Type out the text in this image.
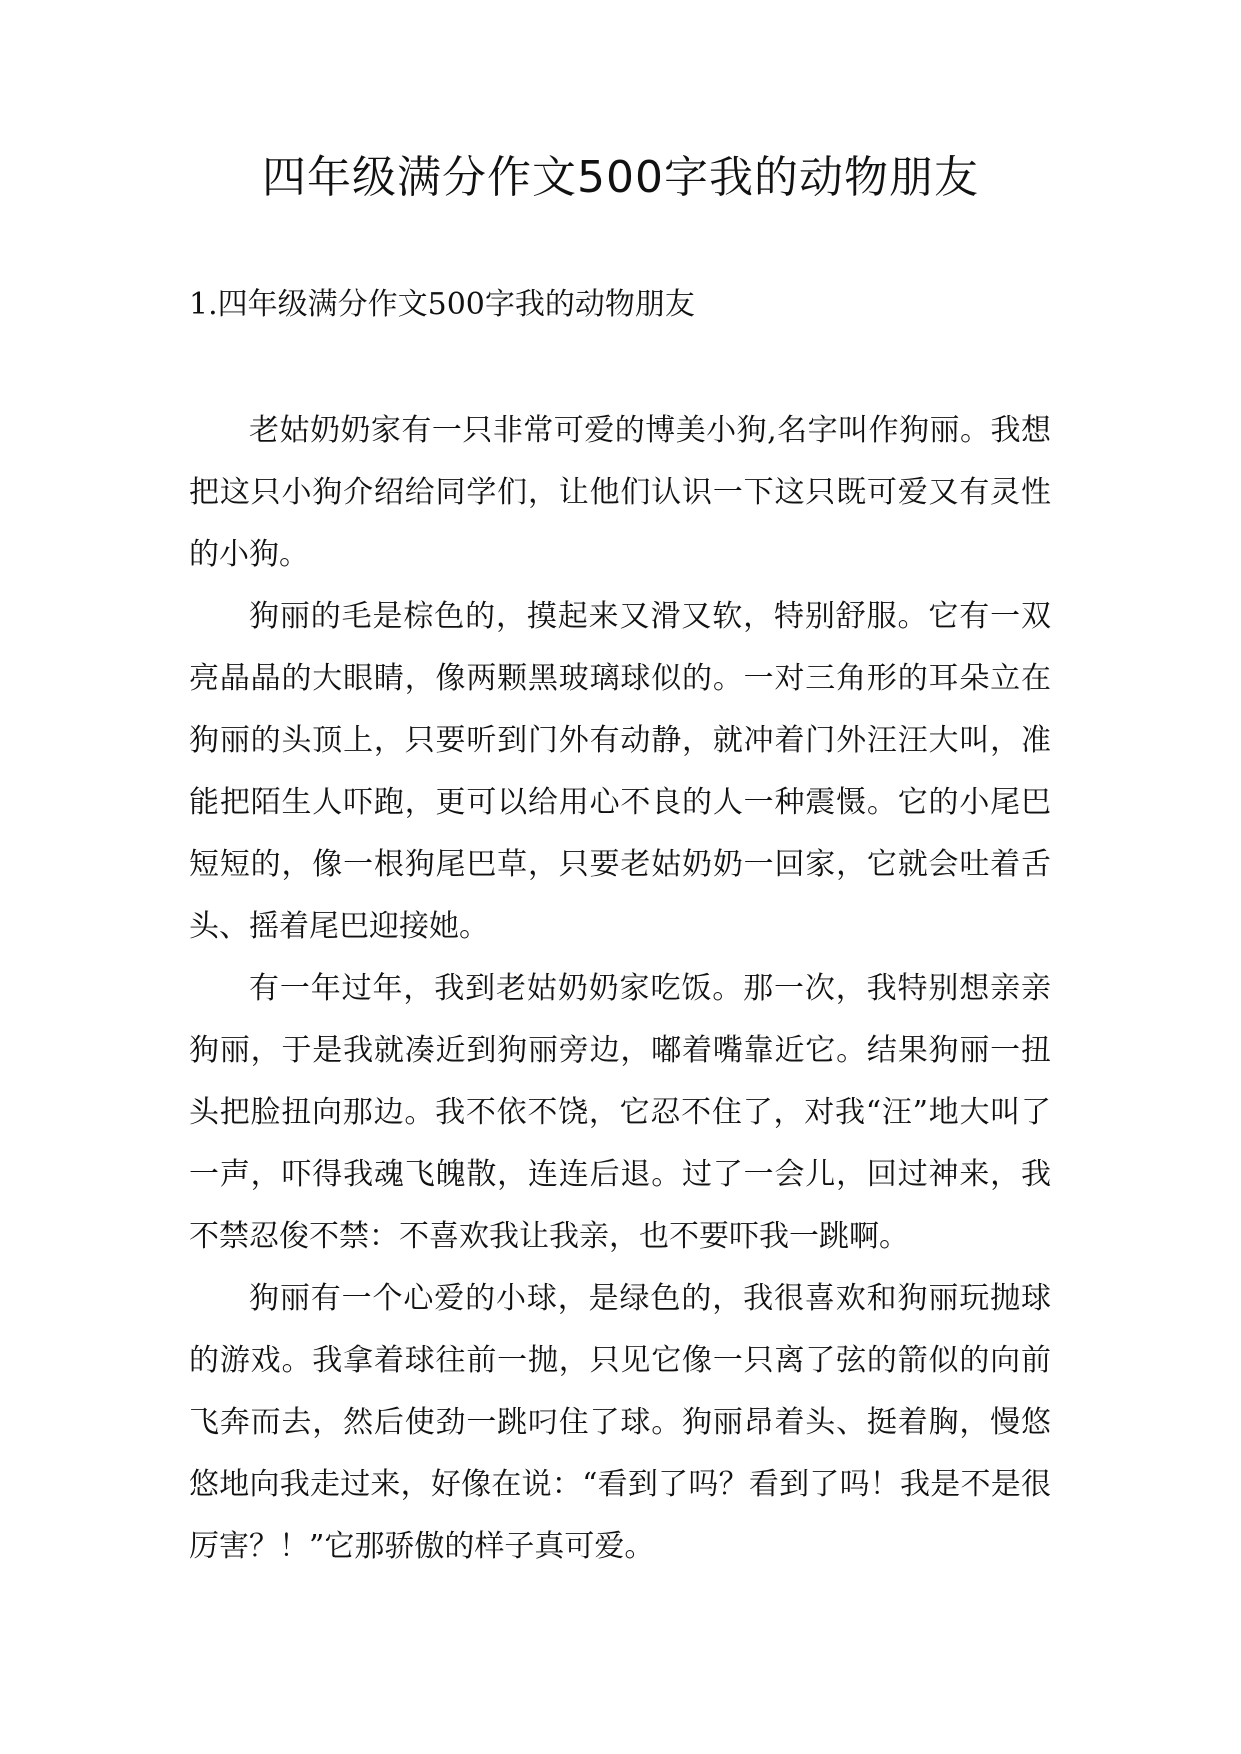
四年级满分作文500字我的动物朋友
1.四年级满分作文500字我的动物朋友

老姑奶奶家有一只非常可爱的博美小狗,名字叫作狗丽。我想把这只小狗介绍给同学们，让他们认识一下这只既可爱又有灵性的小狗。

狗丽的毛是棕色的，摸起来又滑又软，特别舒服。它有一双亮晶晶的大眼睛，像两颗黑玻璃球似的。一对三角形的耳朵立在狗丽的头顶上，只要听到门外有动静，就冲着门外汪汪大叫，准能把陌生人吓跑，更可以给用心不良的人一种震慑。它的小尾巴短短的，像一根狗尾巴草，只要老姑奶奶一回家，它就会吐着舌头、摇着尾巴迎接她。

有一年过年，我到老姑奶奶家吃饭。那一次，我特别想亲亲狗丽，于是我就凑近到狗丽旁边，嘟着嘴靠近它。结果狗丽一扭头把脸扭向那边。我不依不饶，它忍不住了，对我“汪”地大叫了一声，吓得我魂飞魄散，连连后退。过了一会儿，回过神来，我不禁忍俊不禁：不喜欢我让我亲，也不要吓我一跳啊。

狗丽有一个心爱的小球，是绿色的，我很喜欢和狗丽玩抛球的游戏。我拿着球往前一抛，只见它像一只离了弦的箭似的向前飞奔而去，然后使劲一跳叼住了球。狗丽昂着头、挺着胸，慢悠悠地向我走过来，好像在说：“看到了吗？看到了吗！我是不是很厉害？！”它那骄傲的样子真可爱。
